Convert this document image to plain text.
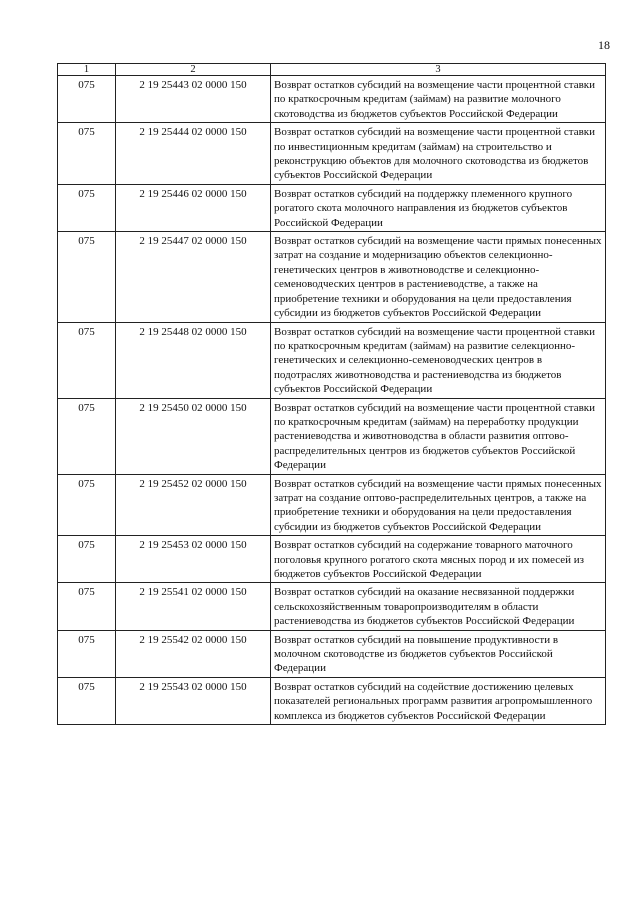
18
1	2	3
075	2 19 25443 02 0000 150	Возврат остатков субсидий на возмещение части процентной ставки по краткосрочным кредитам (займам) на развитие молочного скотоводства из бюджетов субъектов Российской Федерации
075	2 19 25444 02 0000 150	Возврат остатков субсидий на возмещение части процентной ставки по инвестиционным кредитам (займам) на строительство и реконструкцию объектов для молочного скотоводства из бюджетов субъектов Российской Федерации
075	2 19 25446 02 0000 150	Возврат остатков субсидий на поддержку племенного крупного рогатого скота молочного направления из бюджетов субъектов Российской Федерации
075	2 19 25447 02 0000 150	Возврат остатков субсидий на возмещение части прямых понесенных затрат на создание и модернизацию объектов селекционно-генетических центров в животноводстве и селекционно-семеноводческих центров в растениеводстве, а также на приобретение техники и оборудования на цели предоставления субсидии из бюджетов субъектов Российской Федерации
075	2 19 25448 02 0000 150	Возврат остатков субсидий на возмещение части процентной ставки по краткосрочным кредитам (займам) на развитие селекционно-генетических и селекционно-семеноводческих центров в подотраслях животноводства и растениеводства из бюджетов субъектов Российской Федерации
075	2 19 25450 02 0000 150	Возврат остатков субсидий на возмещение части процентной ставки по краткосрочным кредитам (займам) на переработку продукции растениеводства и животноводства в области развития оптово-распределительных центров из бюджетов субъектов Российской Федерации
075	2 19 25452 02 0000 150	Возврат остатков субсидий на возмещение части прямых понесенных затрат на создание оптово-распределительных центров, а также на приобретение техники и оборудования на цели предоставления субсидии из бюджетов субъектов Российской Федерации
075	2 19 25453 02 0000 150	Возврат остатков субсидий на содержание товарного маточного поголовья крупного рогатого скота мясных пород и их помесей из бюджетов субъектов Российской Федерации
075	2 19 25541 02 0000 150	Возврат остатков субсидий на оказание несвязанной поддержки сельскохозяйственным товаропроизводителям в области растениеводства из бюджетов субъектов Российской Федерации
075	2 19 25542 02 0000 150	Возврат остатков субсидий на повышение продуктивности в молочном скотоводстве из бюджетов субъектов Российской Федерации
075	2 19 25543 02 0000 150	Возврат остатков субсидий на содействие достижению целевых показателей региональных программ развития агропромышленного комплекса из бюджетов субъектов Российской Федерации
